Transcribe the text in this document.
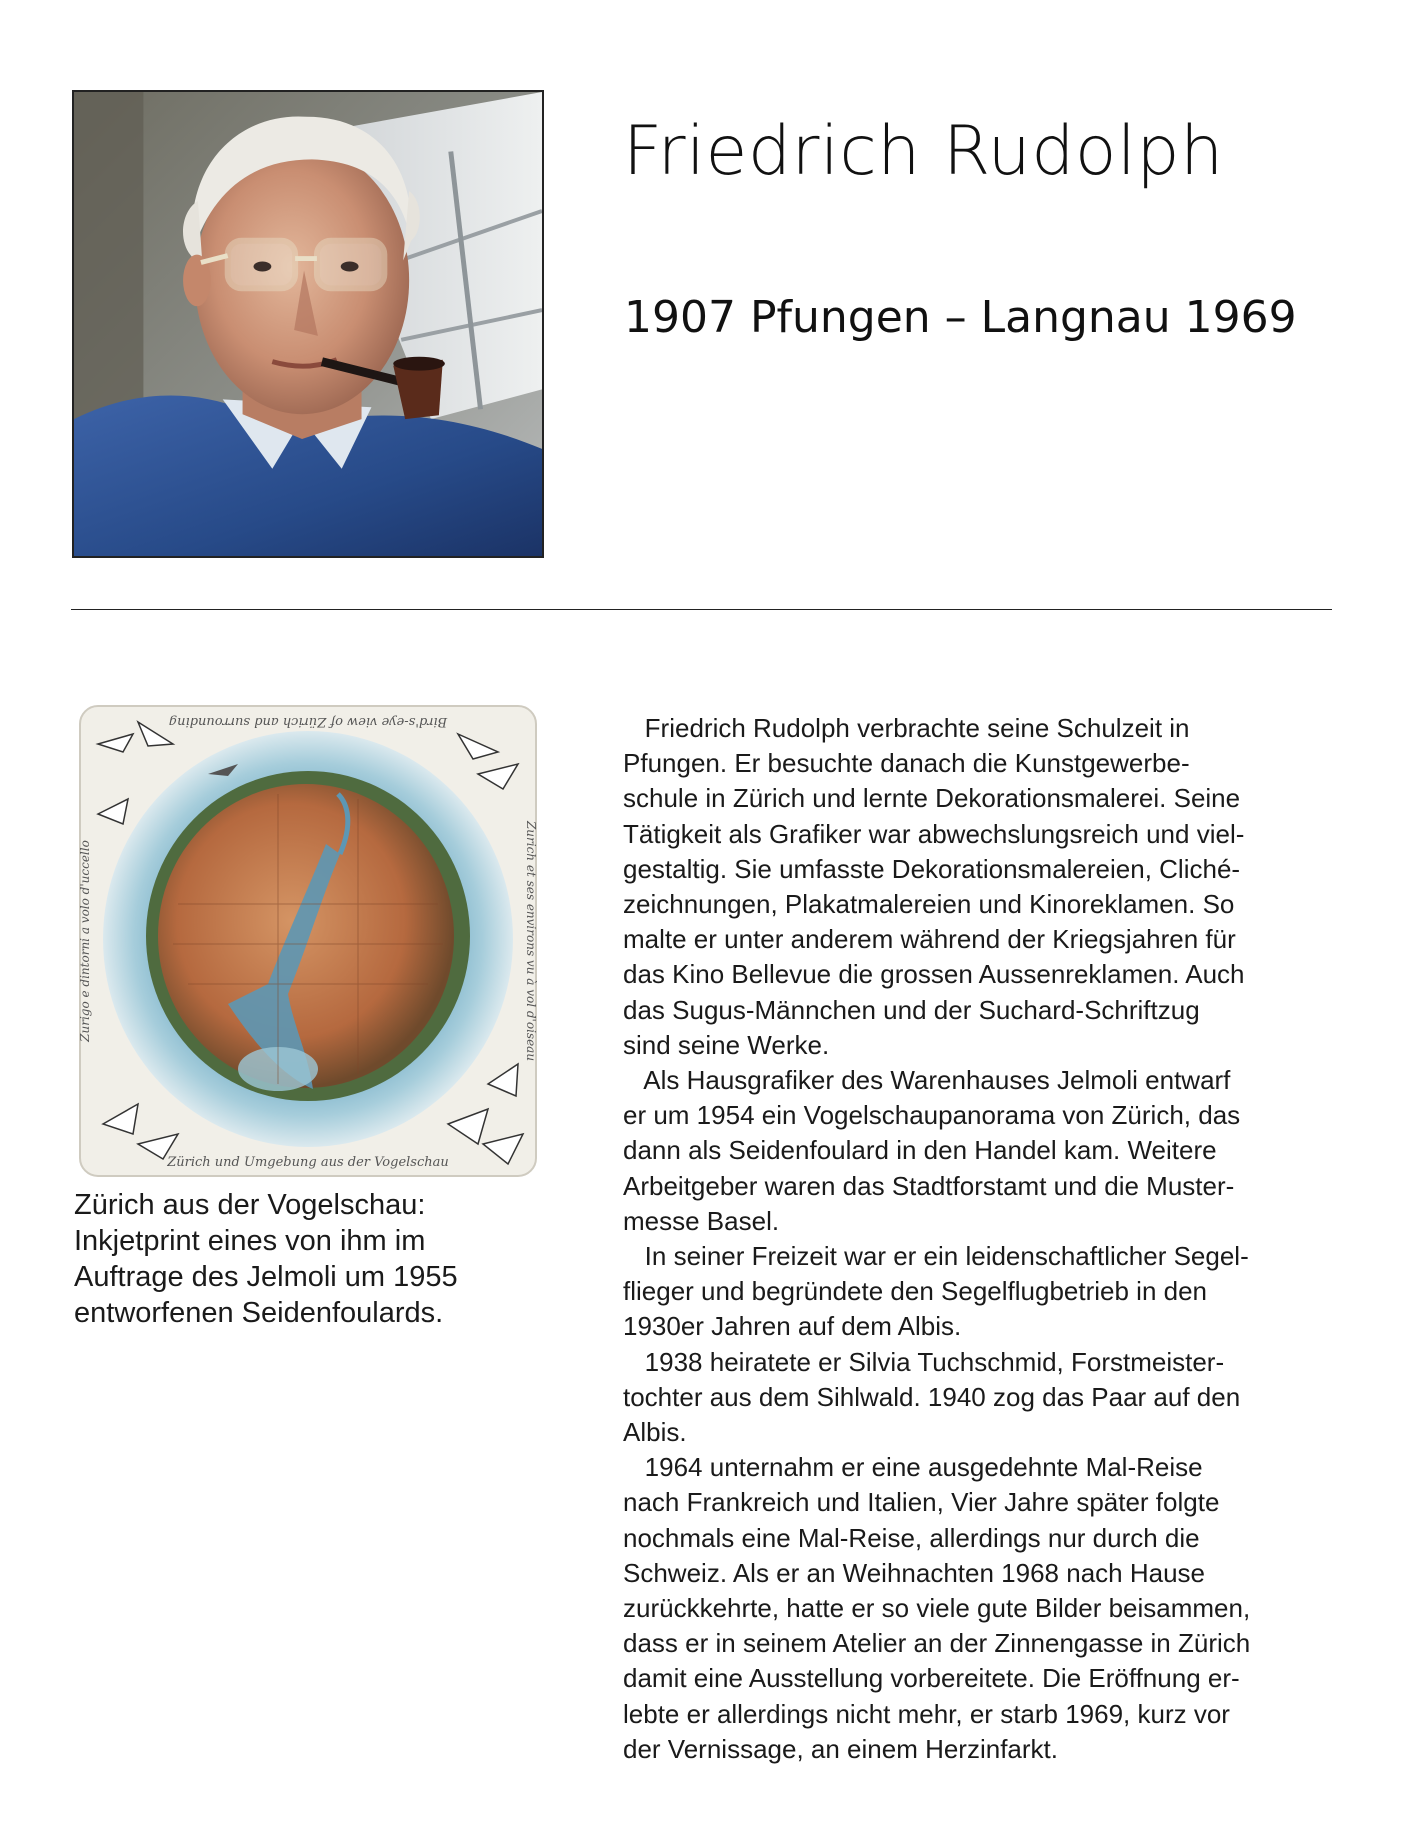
Friedrich Rudolph
1907 Pfungen – Langnau 1969
Bird's-eye view of Zürich and surrounding
Zürich und Umgebung aus der Vogelschau
Zurigo e dintorni a volo d'uccello	Zurich et ses environs vu à vol d'oiseau
Zürich aus der Vogelschau:
Inkjetprint eines von ihm im
Auftrage des Jelmoli um 1955
entworfenen Seidenfoulards.
Friedrich Rudolph verbrachte seine Schulzeit in
Pfungen. Er besuchte danach die Kunstgewerbe-
schule in Zürich und lernte Dekorationsmalerei. Seine
Tätigkeit als Grafiker war abwechslungsreich und viel-
gestaltig. Sie umfasste Dekorationsmalereien, Cliché-
zeichnungen, Plakatmalereien und Kinoreklamen. So
malte er unter anderem während der Kriegsjahren für
das Kino Bellevue die grossen Aussenreklamen. Auch
das Sugus-Männchen und der Suchard-Schriftzug
sind seine Werke.
Als Hausgrafiker des Warenhauses Jelmoli entwarf
er um 1954 ein Vogelschaupanorama von Zürich, das
dann als Seidenfoulard in den Handel kam. Weitere
Arbeitgeber waren das Stadtforstamt und die Muster-
messe Basel.
In seiner Freizeit war er ein leidenschaftlicher Segel-
flieger und begründete den Segelflugbetrieb in den
1930er Jahren auf dem Albis.
1938 heiratete er Silvia Tuchschmid, Forstmeister-
tochter aus dem Sihlwald. 1940 zog das Paar auf den
Albis.
1964 unternahm er eine ausgedehnte Mal-Reise
nach Frankreich und Italien, Vier Jahre später folgte
nochmals eine Mal-Reise, allerdings nur durch die
Schweiz. Als er an Weihnachten 1968 nach Hause
zurückkehrte, hatte er so viele gute Bilder beisammen,
dass er in seinem Atelier an der Zinnengasse in Zürich
damit eine Ausstellung vorbereitete. Die Eröffnung er-
lebte er allerdings nicht mehr, er starb 1969, kurz vor
der Vernissage, an einem Herzinfarkt.
